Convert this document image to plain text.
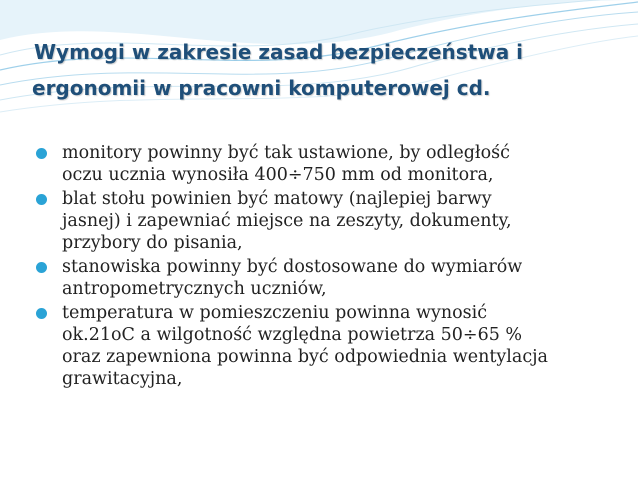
Wymogi w zakresie zasad bezpieczeństwa i
ergonomii w pracowni komputerowej cd.
monitory powinny być tak ustawione, by odległość
oczu ucznia wynosiła 400÷750 mm od monitora,
blat stołu powinien być matowy (najlepiej barwy
jasnej) i zapewniać miejsce na zeszyty, dokumenty,
przybory do pisania,
stanowiska powinny być dostosowane do wymiarów
antropometrycznych uczniów,
temperatura w pomieszczeniu powinna wynosić
ok.21oC a wilgotność względna powietrza 50÷65 %
oraz zapewniona powinna być odpowiednia wentylacja
grawitacyjna,
